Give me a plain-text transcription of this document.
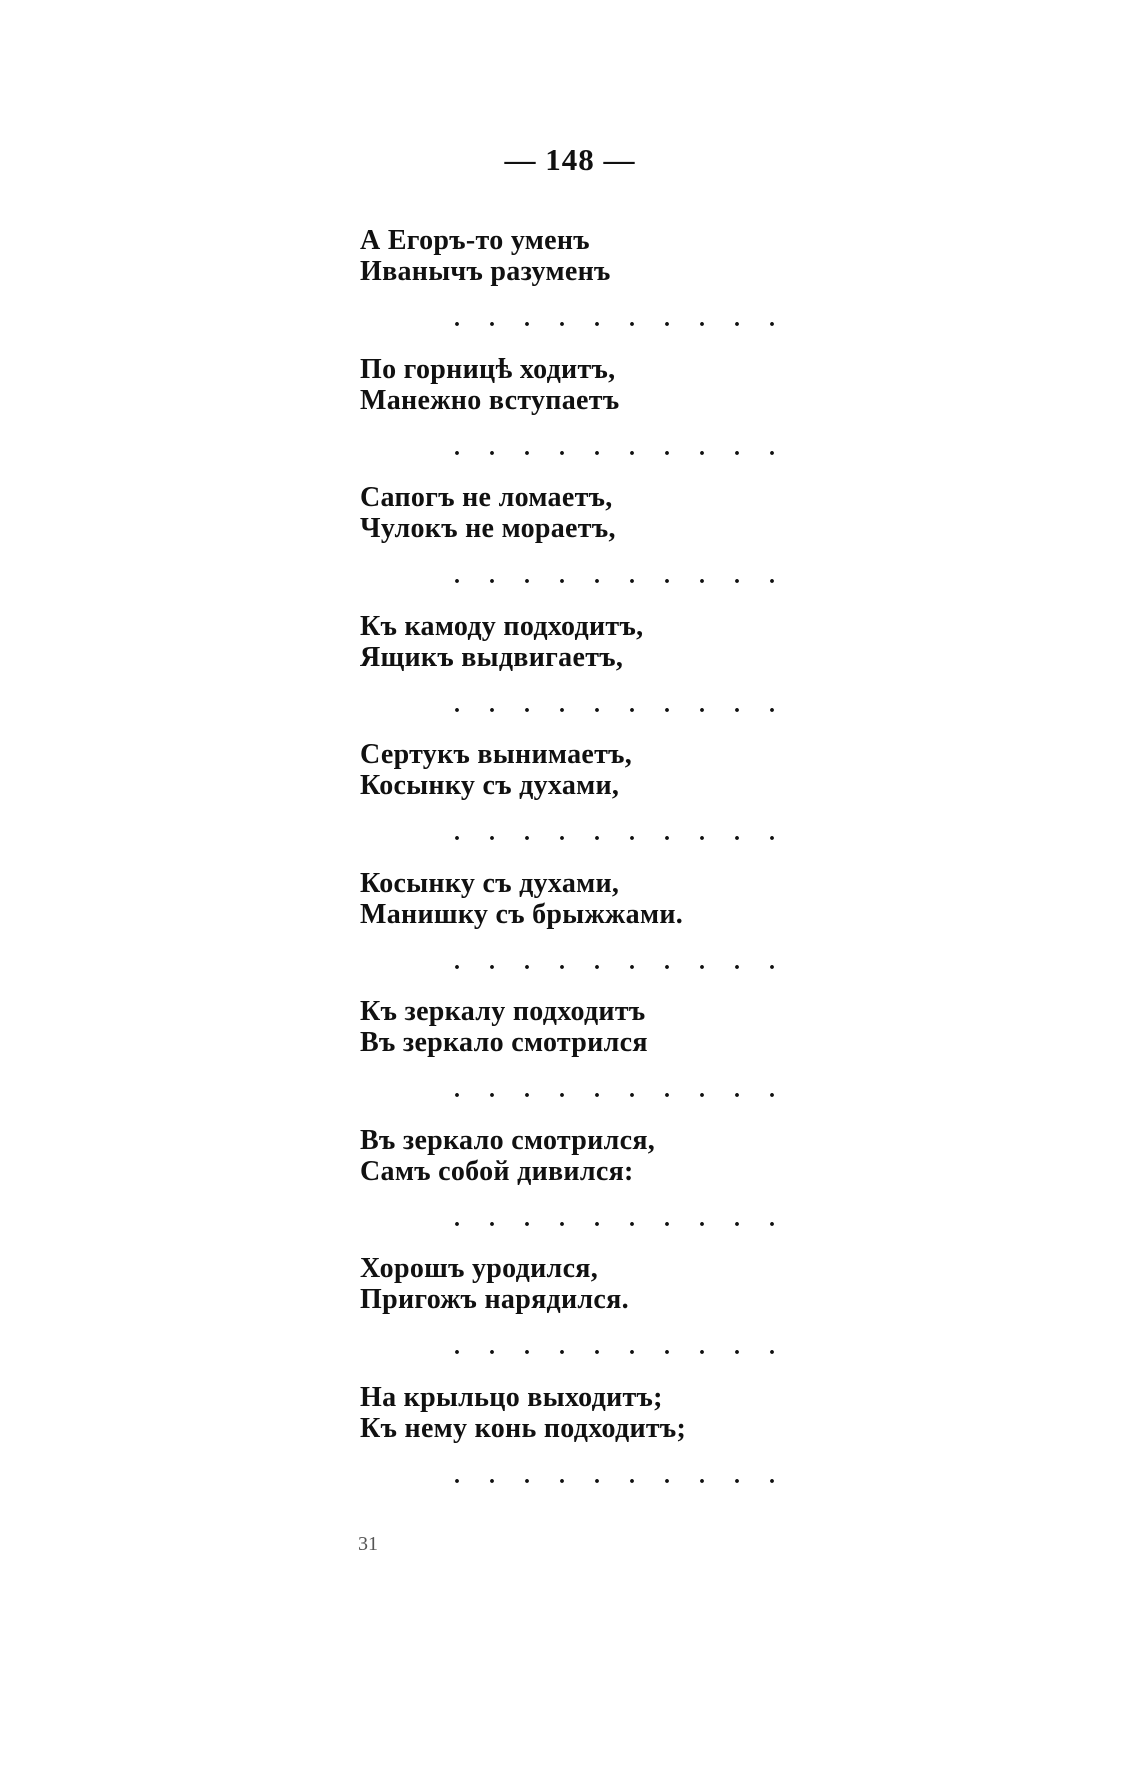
— 148 —
А Егоръ-то уменъ
Иванычъ разуменъ
. . . . . . . . . .
По горницѣ ходитъ,
Манежно вступаетъ
. . . . . . . . . .
Сапогъ не ломаетъ,
Чулокъ не мораетъ,
. . . . . . . . . .
Къ камоду подходитъ,
Ящикъ выдвигаетъ,
. . . . . . . . . .
Сертукъ вынимаетъ,
Косынку съ духами,
. . . . . . . . . .
Косынку съ духами,
Манишку съ брыжжами.
. . . . . . . . . .
Къ зеркалу подходитъ
Въ зеркало смотрился
. . . . . . . . . .
Въ зеркало смотрился,
Самъ собой дивился:
. . . . . . . . . .
Хорошъ уродился,
Пригожъ нарядился.
. . . . . . . . . .
На крыльцо выходитъ;
Къ нему конь подходитъ;
. . . . . . . . . .
31
